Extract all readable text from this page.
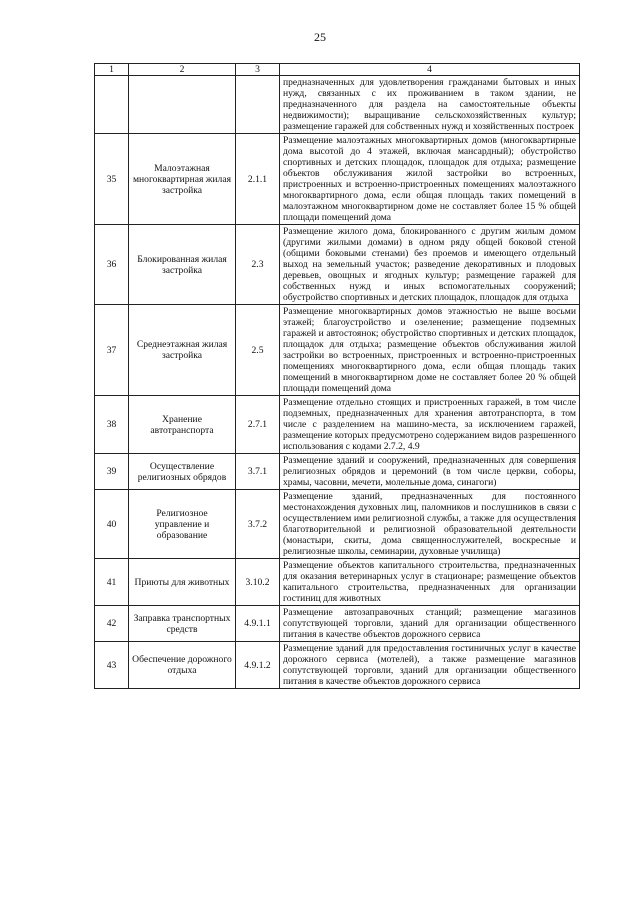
25
1	2	3	4
			предназначенных для удовлетворения гражданами бытовых и иных нужд, связанных с их проживанием в таком здании, не предназначенного для раздела на самостоятельные объекты недвижимости); выращивание сельскохозяйственных культур; размещение гаражей для собственных нужд и хозяйственных построек
35	Малоэтажная многоквартирная жилая застройка	2.1.1	Размещение малоэтажных многоквартирных домов (многоквартирные дома высотой до 4 этажей, включая мансардный); обустройство спортивных и детских площадок, площадок для отдыха; размещение объектов обслуживания жилой застройки во встроенных, пристроенных и встроенно-пристроенных помещениях малоэтажного многоквартирного дома, если общая площадь таких помещений в малоэтажном многоквартирном доме не составляет более 15 % общей площади помещений дома
36	Блокированная жилая застройка	2.3	Размещение жилого дома, блокированного с другим жилым домом (другими жилыми домами) в одном ряду общей боковой стеной (общими боковыми стенами) без проемов и имеющего отдельный выход на земельный участок; разведение декоративных и плодовых деревьев, овощных и ягодных культур; размещение гаражей для собственных нужд и иных вспомогательных сооружений; обустройство спортивных и детских площадок, площадок для отдыха
37	Среднеэтажная жилая застройка	2.5	Размещение многоквартирных домов этажностью не выше восьми этажей; благоустройство и озеленение; размещение подземных гаражей и автостоянок; обустройство спортивных и детских площадок, площадок для отдыха; размещение объектов обслуживания жилой застройки во встроенных, пристроенных и встроенно-пристроенных помещениях многоквартирного дома, если общая площадь таких помещений в многоквартирном доме не составляет более 20 % общей площади помещений дома
38	Хранение автотранспорта	2.7.1	Размещение отдельно стоящих и пристроенных гаражей, в том числе подземных, предназначенных для хранения автотранспорта, в том числе с разделением на машино-места, за исключением гаражей, размещение которых предусмотрено содержанием видов разрешенного использования с кодами 2.7.2, 4.9
39	Осуществление религиозных обрядов	3.7.1	Размещение зданий и сооружений, предназначенных для совершения религиозных обрядов и церемоний (в том числе церкви, соборы, храмы, часовни, мечети, молельные дома, синагоги)
40	Религиозное управление и образование	3.7.2	Размещение зданий, предназначенных для постоянного местонахождения духовных лиц, паломников и послушников в связи с осуществлением ими религиозной службы, а также для осуществления благотворительной и религиозной образовательной деятельности (монастыри, скиты, дома священнослужителей, воскресные и религиозные школы, семинарии, духовные училища)
41	Приюты для животных	3.10.2	Размещение объектов капитального строительства, предназначенных для оказания ветеринарных услуг в стационаре; размещение объектов капитального строительства, предназначенных для организации гостиниц для животных
42	Заправка транспортных средств	4.9.1.1	Размещение автозаправочных станций; размещение магазинов сопутствующей торговли, зданий для организации общественного питания в качестве объектов дорожного сервиса
43	Обеспечение дорожного отдыха	4.9.1.2	Размещение зданий для предоставления гостиничных услуг в качестве дорожного сервиса (мотелей), а также размещение магазинов сопутствующей торговли, зданий для организации общественного питания в качестве объектов дорожного сервиса
